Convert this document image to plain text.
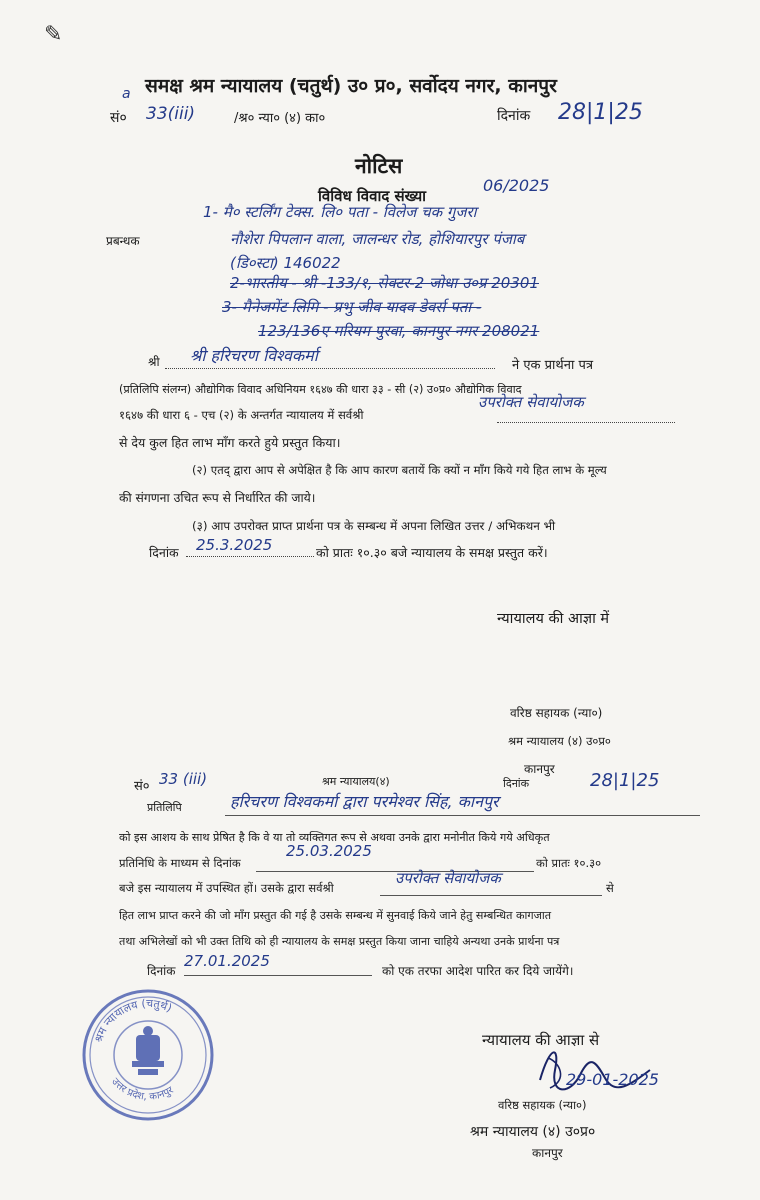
✎
समक्ष श्रम न्यायालय (चतुर्थ) उ० प्र०, सर्वोदय नगर, कानपुर
a
सं० 33(iii)	/श्र० न्या० (४) का०	दिनांक 28|1|25
नोटिस
विविध विवाद संख्या
06/2025
प्रबन्धक
1- मै० स्टर्लिंग टेक्स. लि० पता - विलेज चक गुजरा
नौशेरा पिपलान वाला, जालन्धर रोड, होशियारपुर पंजाब
(डि०स्टा) 146022
2-भारतीय - श्री -133/१, सेक्टर-2 जोधा उ०प्र 20301
3- मैनेजमेंट लिमि - प्रभु जीव यादव डेवर्स पता -
123/136ए मरियम पुरवा, कानपुर नगर 208021
श्री श्री हरिचरण विश्वकर्मा
ने एक प्रार्थना पत्र
(प्रतिलिपि संलग्न) औद्योगिक विवाद अधिनियम १६४७ की धारा ३३ - सी (२) उ०प्र० औद्योगिक विवाद
१६४७ की धारा ६ - एच (२) के अन्तर्गत न्यायालय में सर्वश्री
उपरोक्त सेवायोजक
से देय कुल हित लाभ माँग करते हुये प्रस्तुत किया।
(२) एतद् द्वारा आप से अपेक्षित है कि आप कारण बतायें कि क्यों न माँग किये गये हित लाभ के मूल्य
की संगणना उचित रूप से निर्धारित की जाये।
(३) आप उपरोक्त प्राप्त प्रार्थना पत्र के सम्बन्ध में अपना लिखित उत्तर / अभिकथन भी
दिनांक 25.3.2025	को प्रातः १०.३० बजे न्यायालय के समक्ष प्रस्तुत करें।
न्यायालय की आज्ञा में
वरिष्ठ सहायक (न्या०)
श्रम न्यायालय (४) उ०प्र०
कानपुर
सं० 33 (iii)	श्रम न्यायालय(४)	दिनांक	28|1|25
प्रतिलिपि	हरिचरण विश्वकर्मा द्वारा परमेश्वर सिंह, कानपुर
को इस आशय के साथ प्रेषित है कि वे या तो व्यक्तिगत रूप से अथवा उनके द्वारा मनोनीत किये गये अधिकृत
प्रतिनिधि के माध्यम से दिनांक
25.03.2025
को प्रातः १०.३०
बजे इस न्यायालय में उपस्थित हों। उसके द्वारा सर्वश्री
उपरोक्त सेवायोजक
से
हित लाभ प्राप्त करने की जो माँग प्रस्तुत की गई है उसके सम्बन्ध में सुनवाई किये जाने हेतु सम्बन्धित कागजात
तथा अभिलेखों को भी उक्त तिथि को ही न्यायालय के समक्ष प्रस्तुत किया जाना चाहिये अन्यथा उनके प्रार्थना पत्र
दिनांक
27.01.2025
को एक तरफा आदेश पारित कर दिये जायेंगे।
श्रम न्यायालय (चतुर्थ)
उत्तर प्रदेश, कानपुर
न्यायालय की आज्ञा से
29-01-2025
वरिष्ठ सहायक (न्या०)
श्रम न्यायालय (४) उ०प्र०
कानपुर
